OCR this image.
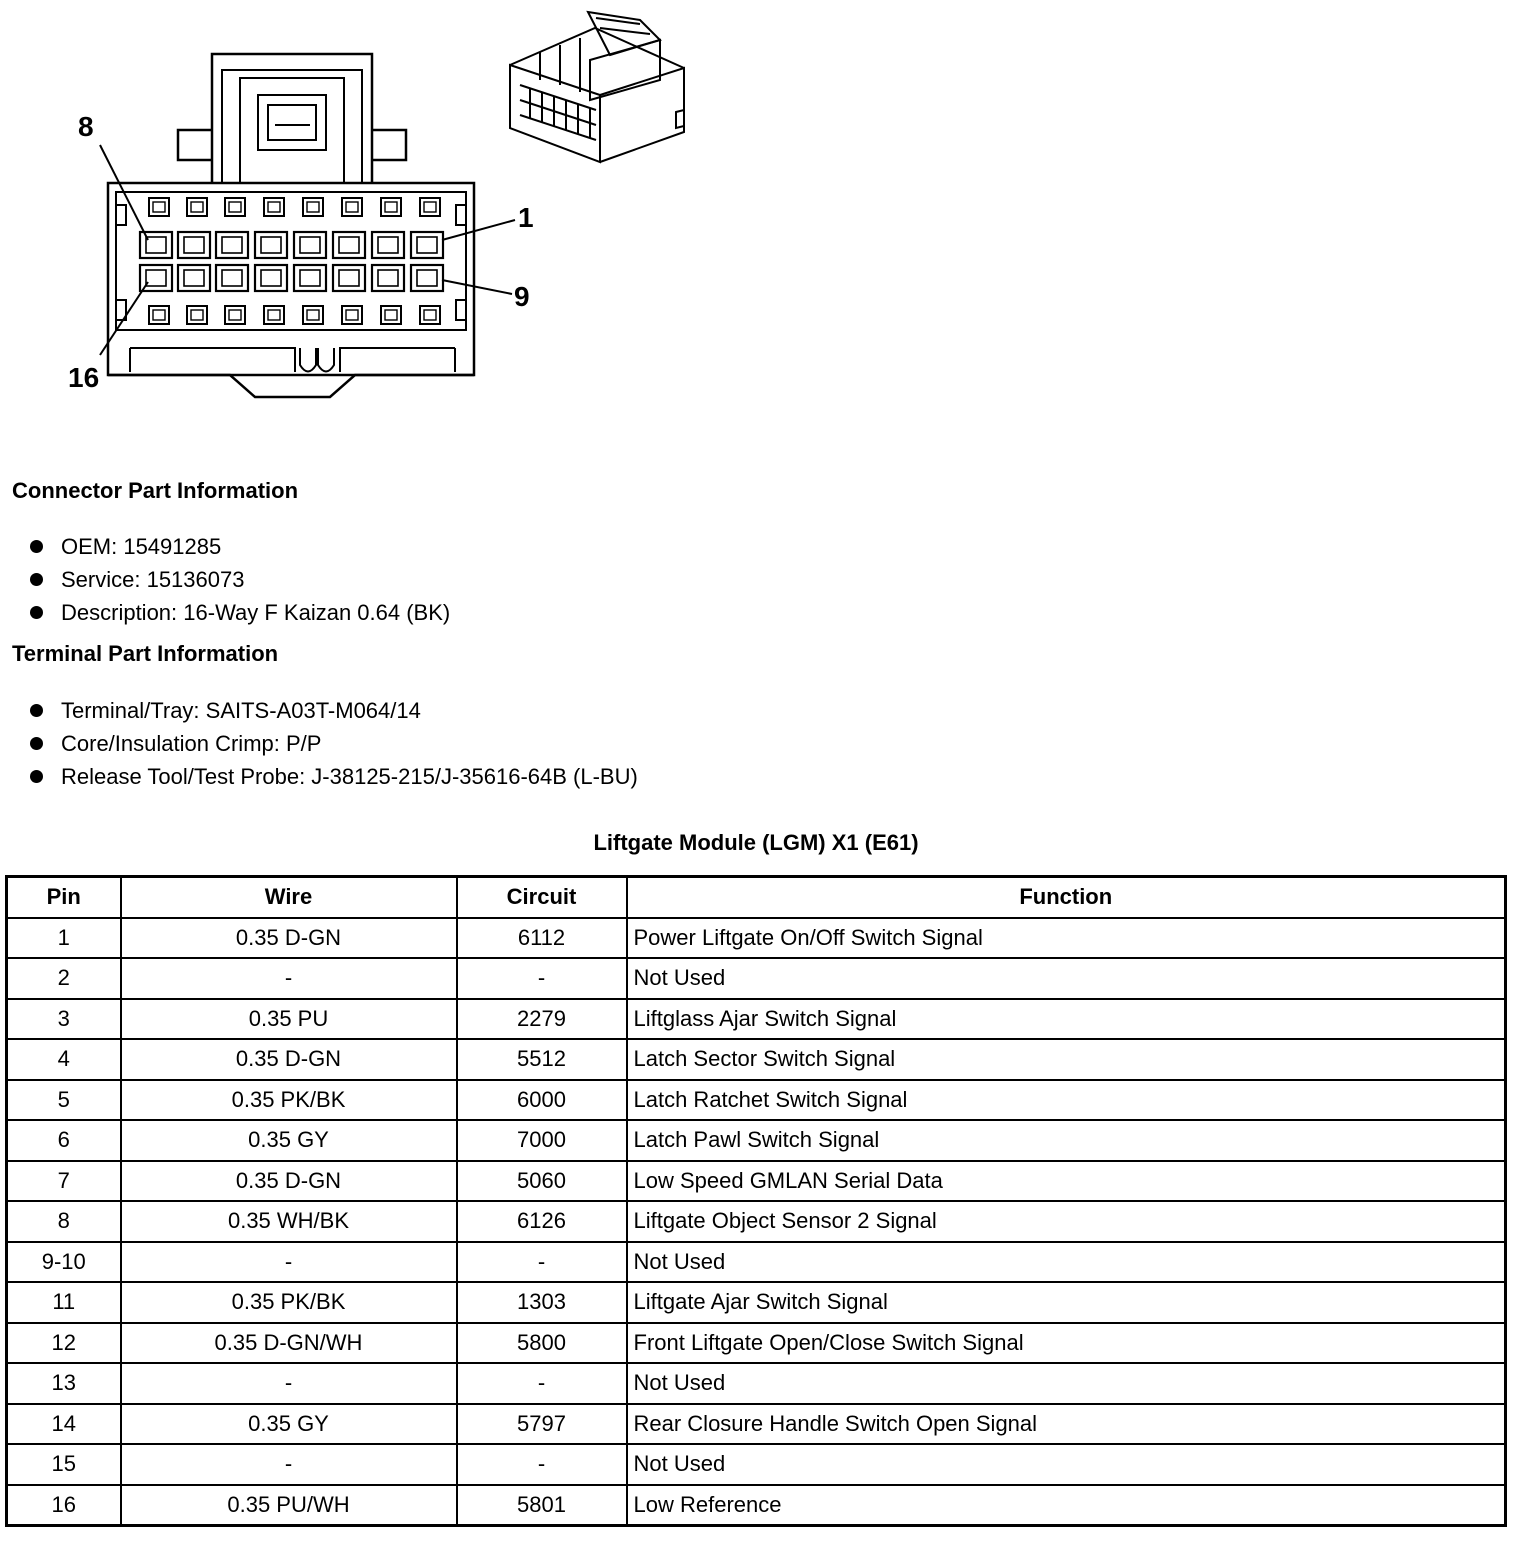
8
1
9
16
Connector Part Information
OEM: 15491285
Service: 15136073
Description: 16-Way F Kaizan 0.64 (BK)
Terminal Part Information
Terminal/Tray: SAITS-A03T-M064/14
Core/Insulation Crimp: P/P
Release Tool/Test Probe: J-38125-215/J-35616-64B (L-BU)
Liftgate Module (LGM) X1 (E61)
Pin	Wire	Circuit	Function
1	0.35 D-GN	6112	Power Liftgate On/Off Switch Signal
2	-	-	Not Used
3	0.35 PU	2279	Liftglass Ajar Switch Signal
4	0.35 D-GN	5512	Latch Sector Switch Signal
5	0.35 PK/BK	6000	Latch Ratchet Switch Signal
6	0.35 GY	7000	Latch Pawl Switch Signal
7	0.35 D-GN	5060	Low Speed GMLAN Serial Data
8	0.35 WH/BK	6126	Liftgate Object Sensor 2 Signal
9-10	-	-	Not Used
11	0.35 PK/BK	1303	Liftgate Ajar Switch Signal
12	0.35 D-GN/WH	5800	Front Liftgate Open/Close Switch Signal
13	-	-	Not Used
14	0.35 GY	5797	Rear Closure Handle Switch Open Signal
15	-	-	Not Used
16	0.35 PU/WH	5801	Low Reference
